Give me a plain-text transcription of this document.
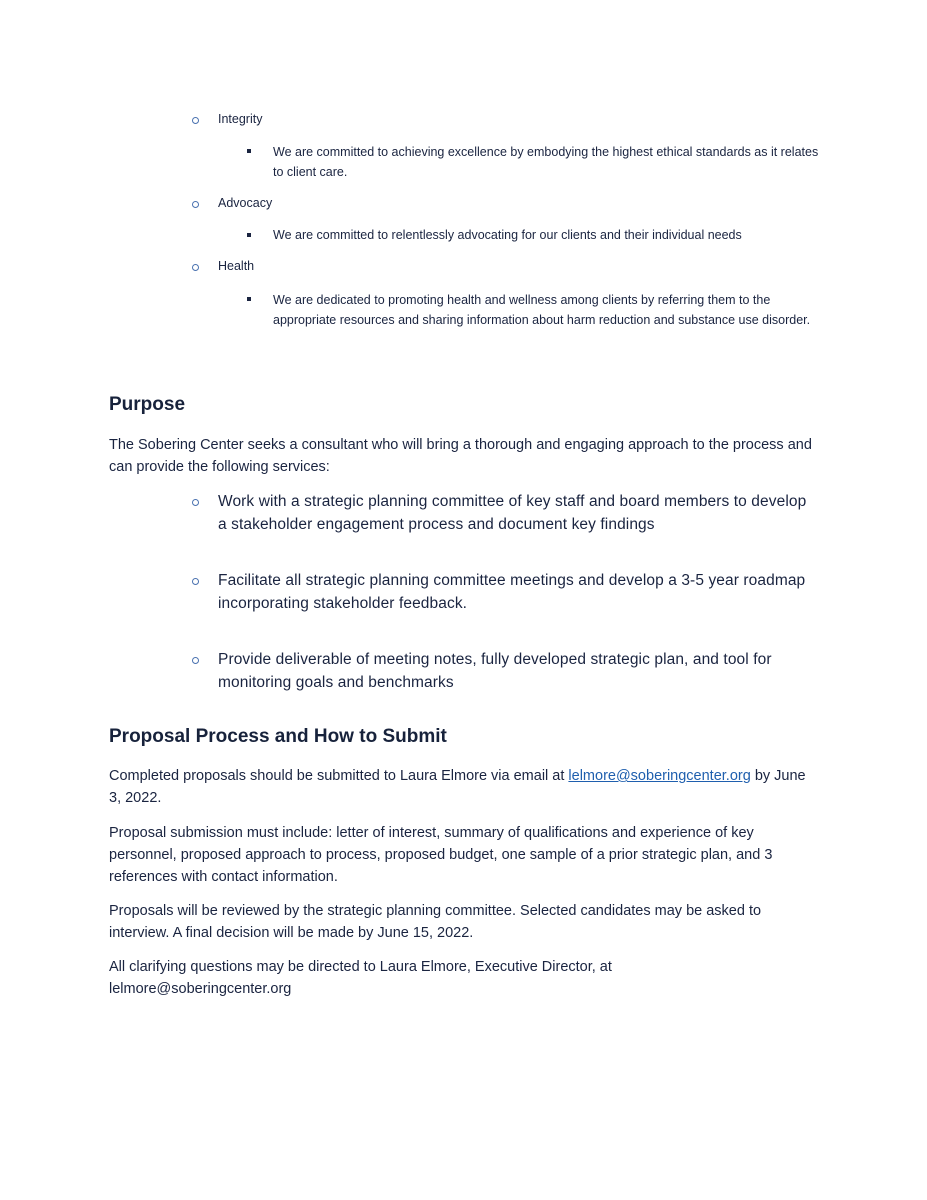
Integrity
We are committed to achieving excellence by embodying the highest ethical standards as it relates to client care.
Advocacy
We are committed to relentlessly advocating for our clients and their individual needs
Health
We are dedicated to promoting health and wellness among clients by referring them to the appropriate resources and sharing information about harm reduction and substance use disorder.
Purpose
The Sobering Center seeks a consultant who will bring a thorough and engaging approach to the process and can provide the following services:
Work with a strategic planning committee of key staff and board members to develop a stakeholder engagement process and document key findings
Facilitate all strategic planning committee meetings and develop a 3-5 year roadmap incorporating stakeholder feedback.
Provide deliverable of meeting notes, fully developed strategic plan, and tool for monitoring goals and benchmarks
Proposal Process and How to Submit
Completed proposals should be submitted to Laura Elmore via email at lelmore@soberingcenter.org by June 3, 2022.
Proposal submission must include: letter of interest, summary of qualifications and experience of key personnel, proposed approach to process, proposed budget, one sample of a prior strategic plan, and 3 references with contact information.
Proposals will be reviewed by the strategic planning committee. Selected candidates may be asked to interview. A final decision will be made by June 15, 2022.
All clarifying questions may be directed to Laura Elmore, Executive Director, at lelmore@soberingcenter.org
